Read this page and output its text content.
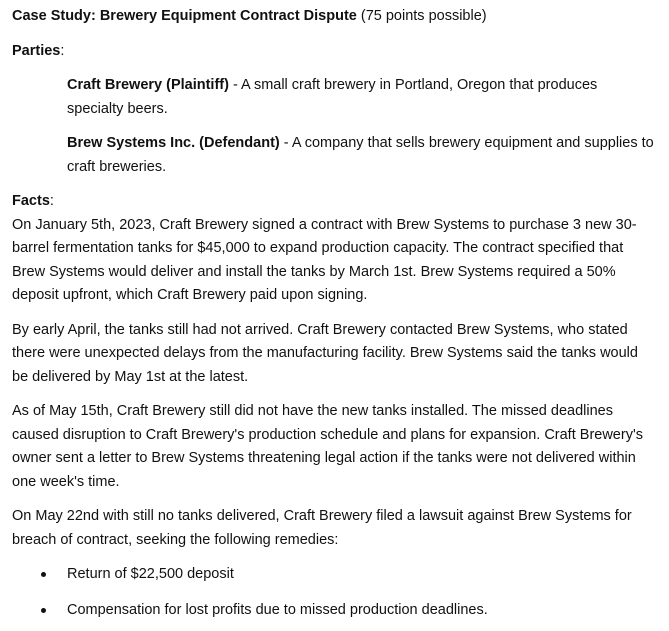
Case Study: Brewery Equipment Contract Dispute (75 points possible)

Parties:

Craft Brewery (Plaintiff) - A small craft brewery in Portland, Oregon that produces specialty beers.

Brew Systems Inc. (Defendant) - A company that sells brewery equipment and supplies to craft breweries.

Facts:

On January 5th, 2023, Craft Brewery signed a contract with Brew Systems to purchase 3 new 30-barrel fermentation tanks for $45,000 to expand production capacity. The contract specified that Brew Systems would deliver and install the tanks by March 1st. Brew Systems required a 50% deposit upfront, which Craft Brewery paid upon signing.

By early April, the tanks still had not arrived. Craft Brewery contacted Brew Systems, who stated there were unexpected delays from the manufacturing facility. Brew Systems said the tanks would be delivered by May 1st at the latest.

As of May 15th, Craft Brewery still did not have the new tanks installed. The missed deadlines caused disruption to Craft Brewery's production schedule and plans for expansion. Craft Brewery's owner sent a letter to Brew Systems threatening legal action if the tanks were not delivered within one week's time.

On May 22nd with still no tanks delivered, Craft Brewery filed a lawsuit against Brew Systems for breach of contract, seeking the following remedies:

Return of $22,500 deposit
Compensation for lost profits due to missed production deadlines.
